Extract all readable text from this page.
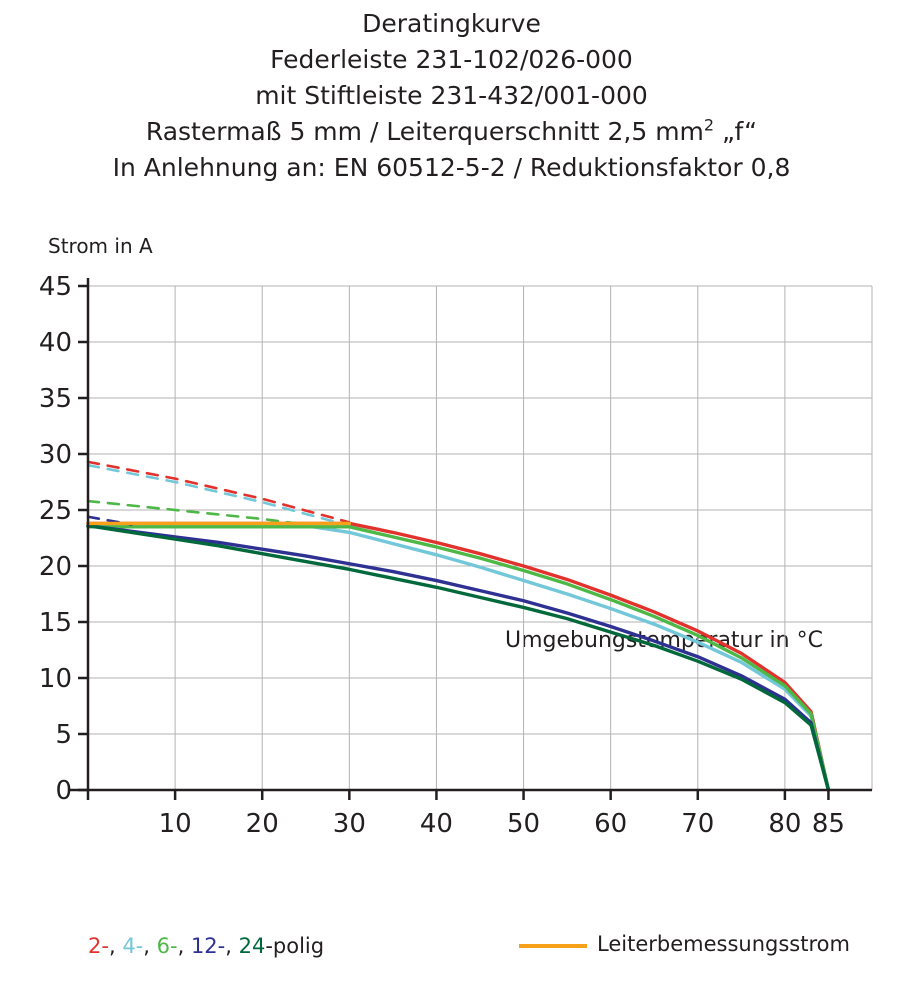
Deratingkurve
Federleiste 231-102/026-000
mit Stiftleiste 231-432/001-000
Rastermaß 5 mm / Leiterquerschnitt 2,5 $mm^2$ „f“
In Anlehnung an: EN 60512-5-2 / Reduktionsfaktor 0,8
Strom in A
Umgebungstemperatur in °C
0
5
10
15
20
25
30
35
40
45
10 20 30 40 50 60 70 80 85
2-, 4-, 6-, 12-, 24-polig	Leiterbemessungsstrom
